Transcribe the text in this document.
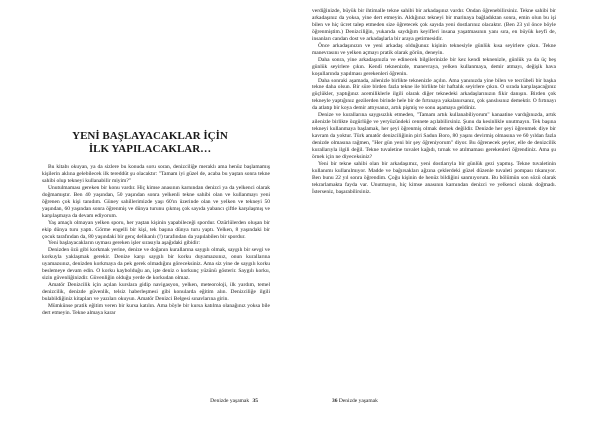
YENİ BAŞLAYACAKLAR İÇİN
İLK YAPILACAKLAR…

Bu kitabı okuyan, ya da sizlere bu konuda soru soran, denizciliğe meraklı ama henüz başlamamış kişilerin aklına gelebilecek ilk tereddüt şu olacaktır: "Tamam iyi güzel de, acaba bu yaştan sonra tekne sahibi olup tekneyi kullanabilir miyim?"

Unutulmaması gereken bir konu vardır. Hiç kimse anasının karnından denizci ya da yelkenci olarak doğmamıştır. Ben 40 yaşından, 50 yaşından sonra yelkenli tekne sahibi olan ve kullanmayı yeni öğrenen çok kişi tanıdım. Güney sahillerimizde yaşı 60'ın üzerinde olan ve yelken ve tekneyi 50 yaşından, 60 yaşından sonra öğrenmiş ve dünya turunu çıkmış çok sayıda yabancı çiftle karşılaşmış ve karşılaşmaya da devam ediyorum.

Yaş amaçlı olmayan yelken sporu, her yaştan kişinin yapabileceği spordur. Ozürlülerden oluşan bir ekip dünya turu yaptı. Görme engelli bir kişi, tek başına dünya turu yaptı. Yelken, 8 yaşındaki bir çocuk tarafından da, 80 yaşındaki bir genç delikanlı (!) tarafından da yapılabilen bir spordur.

Yeni başlayacakların uyması gereken işler sırasıyla aşağıdaki gibidir:

Denizden özü gibi korkmak yerine, denize ve doğanın kurallarına saygılı olmak, saygılı bir sevgi ve korkuyla yaklaşmak gerekir. Denize karşı saygılı bir korku duyamazsınız, onun kurallarına uyamazsınız, denizden korkmaya da pek gerek olmadığını göreceksiniz. Ama siz yine de saygılı korku beslemeye devam edin. O korku kaybolduğu an, işte deniz o korkunç yüzünü gösterir. Saygılı korku, sizin güvenliğinizdir. Güvenliğin olduğu yerde de korkudan olmaz.

Amatör Denizcilik için açılan kurslara gidip navigasyon, yelken, meteoroloji, ilk yardım, temel denizcilik, denizde güvenlik, telsiz haberleşmesi gibi konularda eğitim alın. Denizciliğe ilgili bulabildiğiniz kitapları ve yazıları okuyun. Amatör Denizci Belgesi sınavlarına girin.

Mümkünse pratik eğitim veren bir kursa katılın. Ama böyle bir kursa katılma olanağınız yoksa bile dert etmeyin. Tekne almaya karar

Denizde yaşamak 35

verdiğinizde, büyük bir ihtimalle tekne sahibi bir arkadaşınız vardır. Ondan öğrenebilirsiniz. Tekne sahibi bir arkadaşınız da yoksa, yine dert etmeyin. Aldığınız tekneyi bir marinaya bağladıktan sonra, emin olun bu işi bilen ve hiç ücret talep etmeden size öğretecek çok sayıda yeni dostlarınız olacaktır. (Ben 23 yıl önce böyle öğrenmiştim.) Denizciliğin, yukarıda saydığım keyifleri insana yaşatmasının yanı sıra, en büyük keyfi de, insanları candan dost ve arkadaşlarla bir araya getirmesidir.

Önce arkadaşınızın ve yeni arkadaş olduğunuz kişinin teknesiyle günlük kısa seyirlere çıkın. Tekne manevrasını ve yelken açmayı pratik olarak görün, deneyin.

Daha sonra, yine arkadaşınızla ve edinecek bilgilerinizle bir kez kendi teknenizle, günlük ya da üç beş günlük seyirlere çıkın. Kendi teknenizde, manevraya, yelken kullanmaya, demir atmayı, değişik hava koşullarında yapılması gerekenleri öğrenin.

Daha sonraki aşamada, ailenizle birlikte teknenizle açılın. Ama yanınızda yine bilen ve tecrübeli bir başka tekne daha olsun. Bir süre birden fazla tekne ile birlikte bir haftalık seyirlere çıkın. O sırada karşılaşacağınız güçlükler, yaptığınız acemiliklerle ilgili olarak diğer teknedeki arkadaşlarınızın fikir danışın. Birden çok tekneyle yaptığınız gezilerden birinde hele bir de fırtınaya yakalanırsanız, çok şanslısınız demektir. O fırtınayı da atlatıp bir koya demir attıysanız, artık pişmiş ve sonu aşamaya geldiniz.

Denize ve kurallarına saygısızlık etmeden, "Tamam artık kullanabiliyorum" kanaatine vardığınızda, artık ailenizle birlikte özgürlüğe ve yeryüzündeki cennete açılabilirsiniz. Şunu da kesinlikle unutmayın. Tek başına tekneyi kullanmaya başlamak, her şeyi öğrenmiş olmak demek değildir. Denizde her şeyi öğrenmek diye bir kavram da yoktur. Türk amatör denizciliğinin piri Sadun Boro, 80 yaşını devirmiş olmasına ve 60 yıldan fazla denizde olmasına rağmen, "Her gün yeni bir şey öğreniyorum" diyor. Bu öğrenecek şeyler, elle de denizcilik kurallarıyla ilgili değil. Tekne tuvaletine tuvalet kağıdı, tırnak ve atılmaması gerekenleri öğrendiniz. Ama şu örnek için ne diyeceksiniz?

Yeni bir tekne sahibi olan bir arkadaşımız, yeni dostlarıyla bir günlük gezi yapmış. Tekne tuvaletinin kullanımı kullanılmıyor. Madde ve bağırsakları ağzına çeklerdeki güzel düzenle tuvaleti pompası tıkanıyor. Ben bunu 22 yıl sonra öğrendim. Çoğu kişinin de henüz bildiğini sanmıyorum. Bu bölümün son sözü olarak tekrarlamakta fayda var. Unutmayın, hiç kimse anasının karnından denizci ve yelkenci olarak doğmadı. İsterseniz, başarabilirsiniz.

36 Denizde yaşamak
